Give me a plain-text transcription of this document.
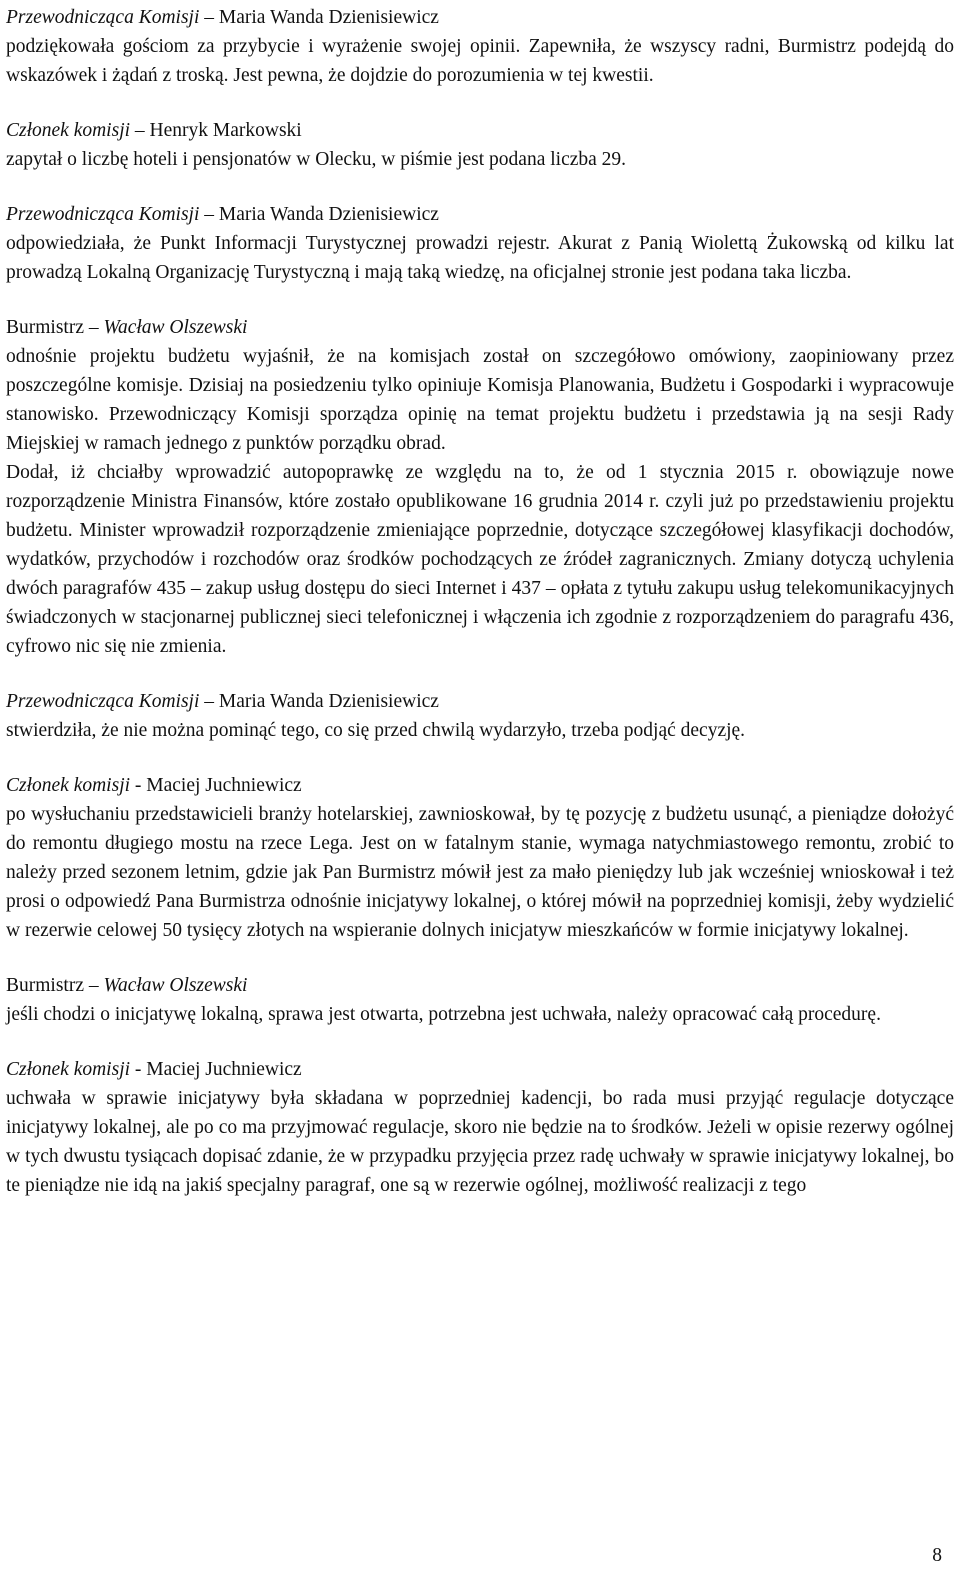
Przewodnicząca Komisji – Maria Wanda Dzienisiewicz

podziękowała gościom za przybycie i wyrażenie swojej opinii. Zapewniła, że wszyscy radni, Burmistrz podejdą do wskazówek i żądań z troską. Jest pewna, że dojdzie do porozumienia w tej kwestii.

Członek komisji – Henryk Markowski

zapytał o liczbę hoteli i pensjonatów w Olecku, w piśmie jest podana liczba 29.

Przewodnicząca Komisji – Maria Wanda Dzienisiewicz

odpowiedziała, że Punkt Informacji Turystycznej prowadzi rejestr. Akurat z Panią Wiolettą Żukowską od kilku lat prowadzą Lokalną Organizację Turystyczną i mają taką wiedzę, na oficjalnej stronie jest podana taka liczba.

Burmistrz – Wacław Olszewski

odnośnie projektu budżetu wyjaśnił, że na komisjach został on szczegółowo omówiony, zaopiniowany przez poszczególne komisje. Dzisiaj na posiedzeniu tylko opiniuje Komisja Planowania, Budżetu i Gospodarki i wypracowuje stanowisko. Przewodniczący Komisji sporządza opinię na temat projektu budżetu i przedstawia ją na sesji Rady Miejskiej w ramach jednego z punktów porządku obrad.

Dodał, iż chciałby wprowadzić autopoprawkę ze względu na to, że od 1 stycznia 2015 r. obowiązuje nowe rozporządzenie Ministra Finansów, które zostało opublikowane 16 grudnia 2014 r. czyli już po przedstawieniu projektu budżetu. Minister wprowadził rozporządzenie zmieniające poprzednie, dotyczące szczegółowej klasyfikacji dochodów, wydatków, przychodów i rozchodów oraz środków pochodzących ze źródeł zagranicznych. Zmiany dotyczą uchylenia dwóch paragrafów 435 – zakup usług dostępu do sieci Internet i 437 – opłata z tytułu zakupu usług telekomunikacyjnych świadczonych w stacjonarnej publicznej sieci telefonicznej i włączenia ich zgodnie z rozporządzeniem do paragrafu 436, cyfrowo nic się nie zmienia.

Przewodnicząca Komisji – Maria Wanda Dzienisiewicz

stwierdziła, że nie można pominąć tego, co się przed chwilą wydarzyło, trzeba podjąć decyzję.

Członek komisji - Maciej Juchniewicz

po wysłuchaniu przedstawicieli branży hotelarskiej, zawnioskował, by tę pozycję z budżetu usunąć, a pieniądze dołożyć do remontu długiego mostu na rzece Lega. Jest on w fatalnym stanie, wymaga natychmiastowego remontu, zrobić to należy przed sezonem letnim, gdzie jak Pan Burmistrz mówił jest za mało pieniędzy lub jak wcześniej wnioskował i też prosi o odpowiedź Pana Burmistrza odnośnie inicjatywy lokalnej, o której mówił na poprzedniej komisji, żeby wydzielić w rezerwie celowej 50 tysięcy złotych na wspieranie dolnych inicjatyw mieszkańców w formie inicjatywy lokalnej.

Burmistrz – Wacław Olszewski

jeśli chodzi o inicjatywę lokalną, sprawa jest otwarta, potrzebna jest uchwała, należy opracować całą procedurę.

Członek komisji - Maciej Juchniewicz

uchwała w sprawie inicjatywy była składana w poprzedniej kadencji, bo rada musi przyjąć regulacje dotyczące inicjatywy lokalnej, ale po co ma przyjmować regulacje, skoro nie będzie na to środków. Jeżeli w opisie rezerwy ogólnej w tych dwustu tysiącach dopisać zdanie, że w przypadku przyjęcia przez radę uchwały w sprawie inicjatywy lokalnej, bo te pieniądze nie idą na jakiś specjalny paragraf, one są w rezerwie ogólnej, możliwość realizacji z tego

8
